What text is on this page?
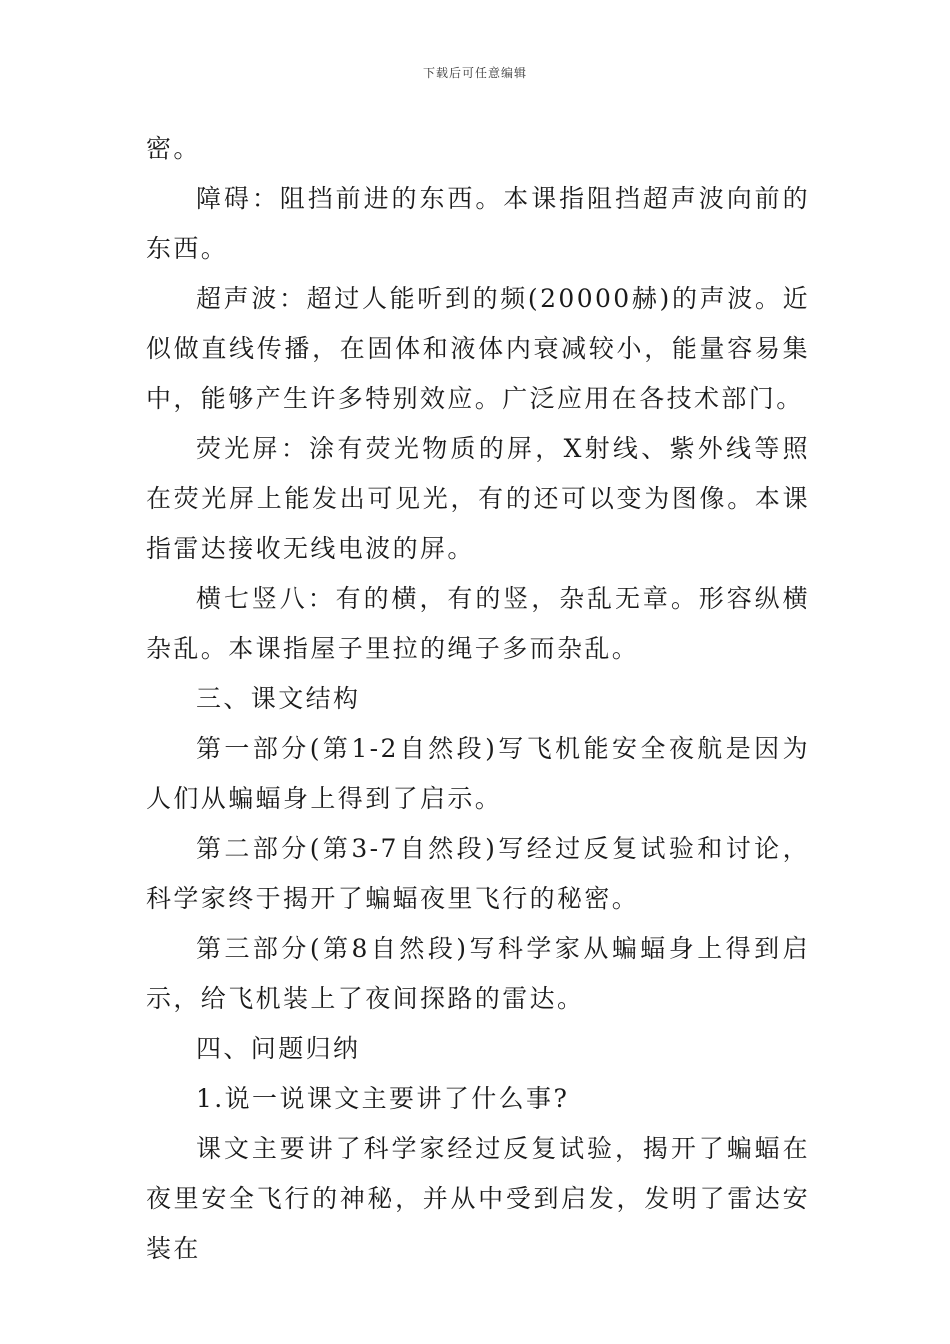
下载后可任意编辑

密。

障碍：阻挡前进的东西。本课指阻挡超声波向前的东西。

超声波：超过人能听到的频(20000赫)的声波。近似做直线传播，在固体和液体内衰减较小，能量容易集中，能够产生许多特别效应。广泛应用在各技术部门。

荧光屏：涂有荧光物质的屏，X射线、紫外线等照在荧光屏上能发出可见光，有的还可以变为图像。本课指雷达接收无线电波的屏。

横七竖八：有的横，有的竖，杂乱无章。形容纵横杂乱。本课指屋子里拉的绳子多而杂乱。

三、课文结构

第一部分(第1-2自然段)写飞机能安全夜航是因为人们从蝙蝠身上得到了启示。

第二部分(第3-7自然段)写经过反复试验和讨论，科学家终于揭开了蝙蝠夜里飞行的秘密。

第三部分(第8自然段)写科学家从蝙蝠身上得到启示，给飞机装上了夜间探路的雷达。

四、问题归纳

1.说一说课文主要讲了什么事?

课文主要讲了科学家经过反复试验，揭开了蝙蝠在夜里安全飞行的神秘，并从中受到启发，发明了雷达安装在
